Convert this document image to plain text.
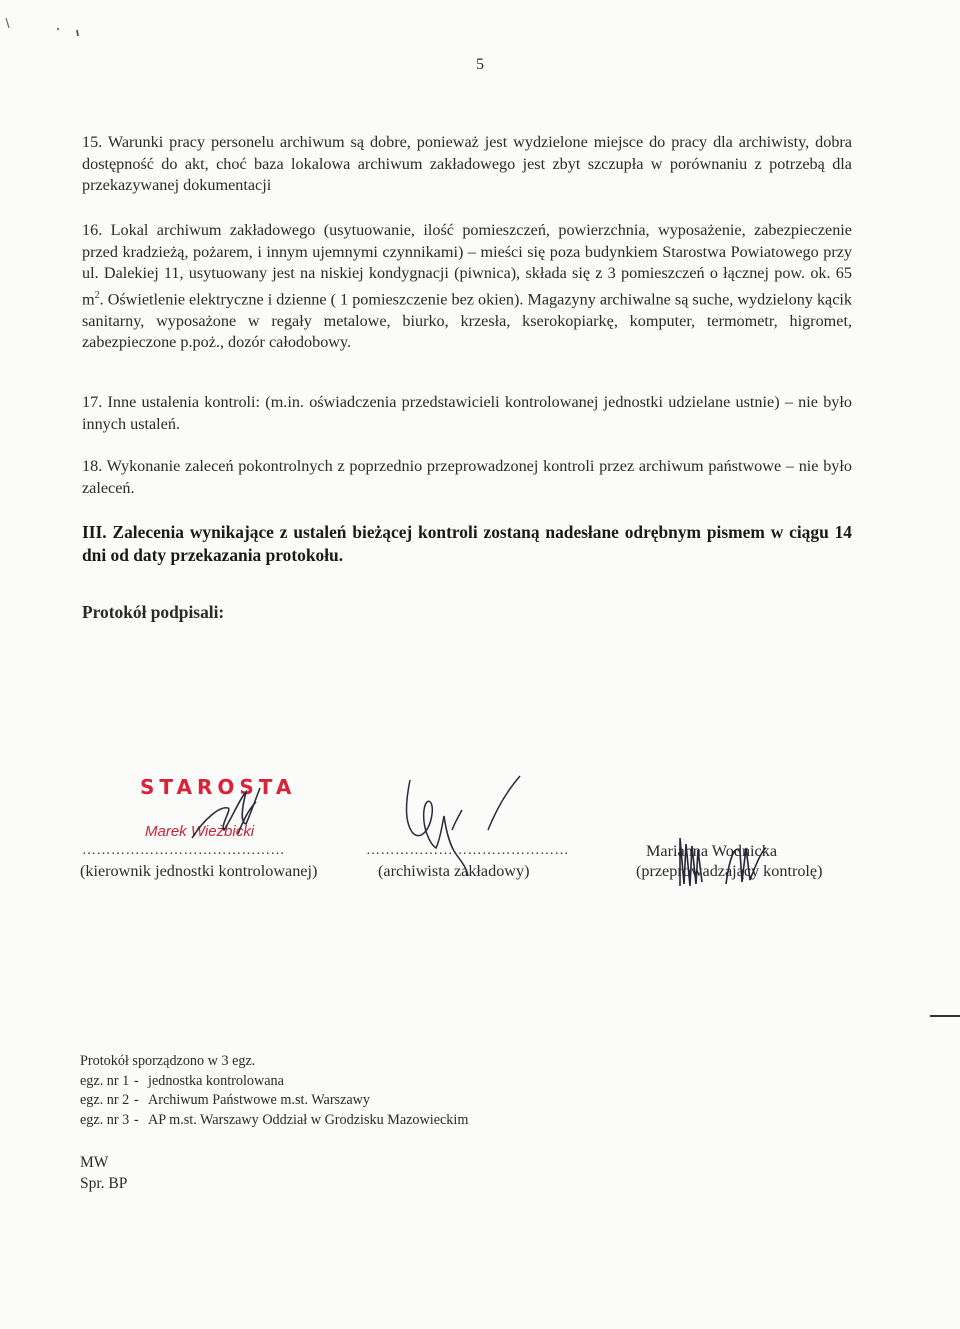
5

15. Warunki pracy personelu archiwum są dobre, ponieważ jest wydzielone miejsce do pracy dla archiwisty, dobra dostępność do akt, choć baza lokalowa archiwum zakładowego jest zbyt szczupła w porównaniu z potrzebą dla przekazywanej dokumentacji

16. Lokal archiwum zakładowego (usytuowanie, ilość pomieszczeń, powierzchnia, wyposażenie, zabezpieczenie przed kradzieżą, pożarem, i innym ujemnymi czynnikami) – mieści się poza budynkiem Starostwa Powiatowego przy ul. Dalekiej 11, usytuowany jest na niskiej kondygnacji (piwnica), składa się z 3 pomieszczeń o łącznej pow. ok. 65 $m^2$. Oświetlenie elektryczne i dzienne ( 1 pomieszczenie bez okien). Magazyny archiwalne są suche, wydzielony kącik sanitarny, wyposażone w regały metalowe, biurko, krzesła, kserokopiarkę, komputer, termometr, higromet, zabezpieczone p.poż., dozór całodobowy.

17. Inne ustalenia kontroli: (m.in. oświadczenia przedstawicieli kontrolowanej jednostki udzielane ustnie) – nie było innych ustaleń.

18. Wykonanie zaleceń pokontrolnych z poprzednio przeprowadzonej kontroli przez archiwum państwowe – nie było zaleceń.

III. Zalecenia wynikające z ustaleń bieżącej kontroli zostaną nadesłane odrębnym pismem w ciągu 14 dni od daty przekazania protokołu.

Protokół podpisali:

STAROSTA
Marek Wieżbicki
……………………………………	……………………………………	Marianna Wodnicka
(kierownik jednostki kontrolowanej)	(archiwista zakładowy)	(przeprowadzający kontrolę)
Protokół sporządzono w 3 egz.
egz. nr 1 - jednostka kontrolowana
egz. nr 2 - Archiwum Państwowe m.st. Warszawy
egz. nr 3 - AP m.st. Warszawy Oddział w Grodzisku Mazowieckim
MW
Spr. BP
